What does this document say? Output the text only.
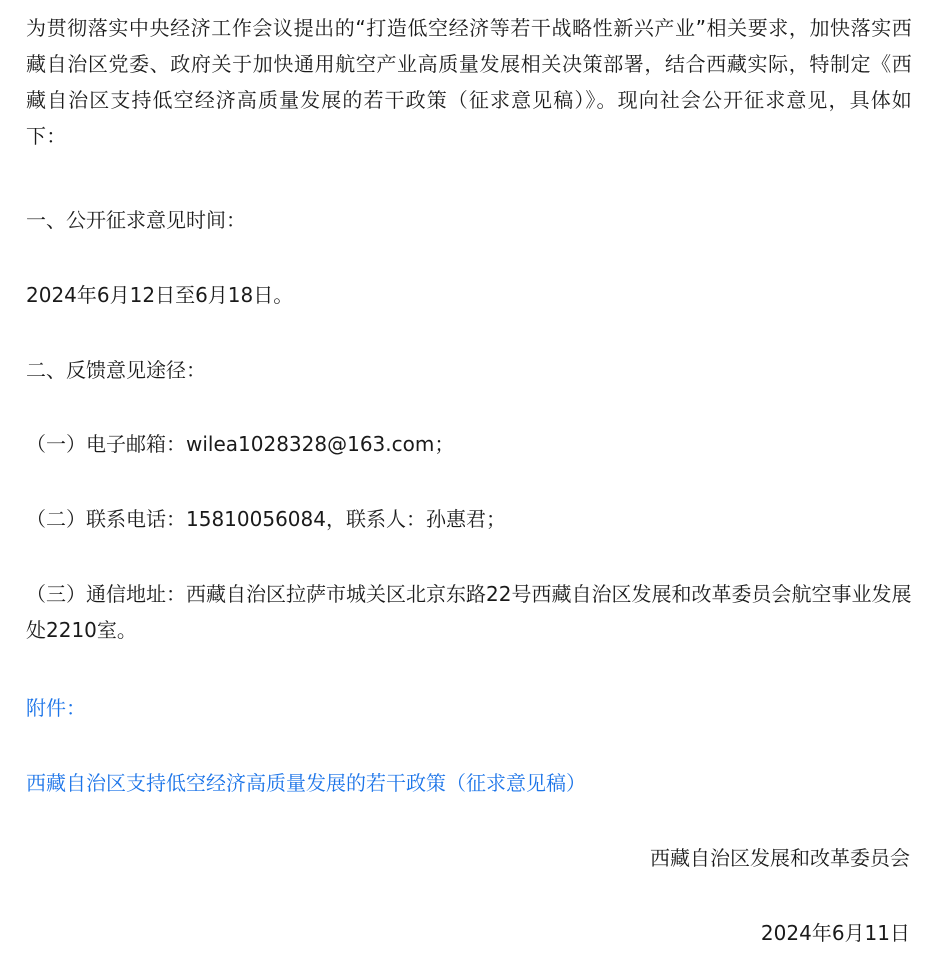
为贯彻落实中央经济工作会议提出的“打造低空经济等若干战略性新兴产业”相关要求，加快落实西藏自治区党委、政府关于加快通用航空产业高质量发展相关决策部署，结合西藏实际，特制定《西藏自治区支持低空经济高质量发展的若干政策（征求意见稿）》。现向社会公开征求意见，具体如下：

一、公开征求意见时间：

2024年6月12日至6月18日。

二、反馈意见途径：

（一）电子邮箱：wilea1028328@163.com；

（二）联系电话：15810056084，联系人：孙惠君；

（三）通信地址：西藏自治区拉萨市城关区北京东路22号西藏自治区发展和改革委员会航空事业发展处2210室。

附件：

西藏自治区支持低空经济高质量发展的若干政策（征求意见稿）

西藏自治区发展和改革委员会

2024年6月11日
